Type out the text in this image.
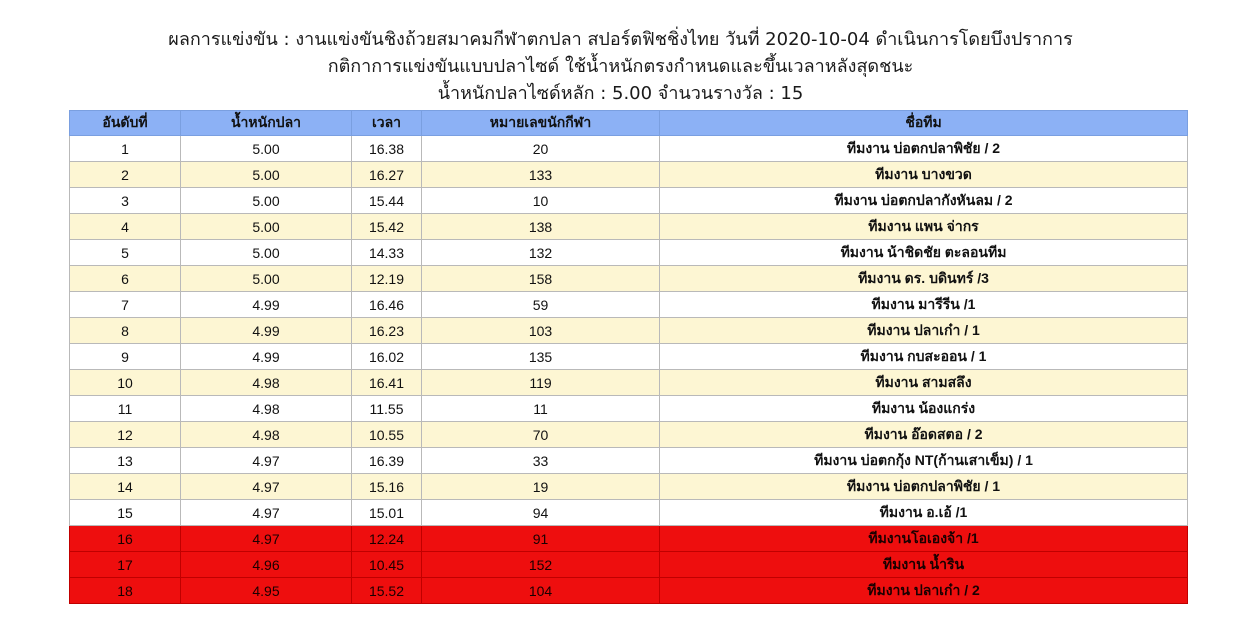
ผลการแข่งขัน : งานแข่งขันชิงถ้วยสมาคมกีฬาตกปลา สปอร์ตฟิชชิ่งไทย วันที่ 2020-10-04 ดำเนินการโดยบึงปราการ
กติกาการแข่งขันแบบปลาไซด์ ใช้น้ำหนักตรงกำหนดและขึ้นเวลาหลังสุดชนะ
น้ำหนักปลาไซด์หลัก : 5.00 จำนวนรางวัล : 15
อันดับที่	น้ำหนักปลา	เวลา	หมายเลขนักกีฬา	ชื่อทีม
1	5.00	16.38	20	ทีมงาน บ่อตกปลาพิชัย / 2
2	5.00	16.27	133	ทีมงาน บางขวด
3	5.00	15.44	10	ทีมงาน บ่อตกปลากังหันลม / 2
4	5.00	15.42	138	ทีมงาน แพน จ่ากร
5	5.00	14.33	132	ทีมงาน น้าชิดชัย ตะลอนทีม
6	5.00	12.19	158	ทีมงาน ดร. บดินทร์ /3
7	4.99	16.46	59	ทีมงาน มารีรีน /1
8	4.99	16.23	103	ทีมงาน ปลาเก๋า / 1
9	4.99	16.02	135	ทีมงาน กบสะออน / 1
10	4.98	16.41	119	ทีมงาน สามสลึง
11	4.98	11.55	11	ทีมงาน น้องแกร่ง
12	4.98	10.55	70	ทีมงาน อ๊อดสตอ / 2
13	4.97	16.39	33	ทีมงาน บ่อตกกุ้ง NT(ก้านเสาเข็ม) / 1
14	4.97	15.16	19	ทีมงาน บ่อตกปลาพิชัย / 1
15	4.97	15.01	94	ทีมงาน อ.เอ้ /1
16	4.97	12.24	91	ทีมงานโอเองจ้า /1
17	4.96	10.45	152	ทีมงาน น้ำริน
18	4.95	15.52	104	ทีมงาน ปลาเก๋า / 2
